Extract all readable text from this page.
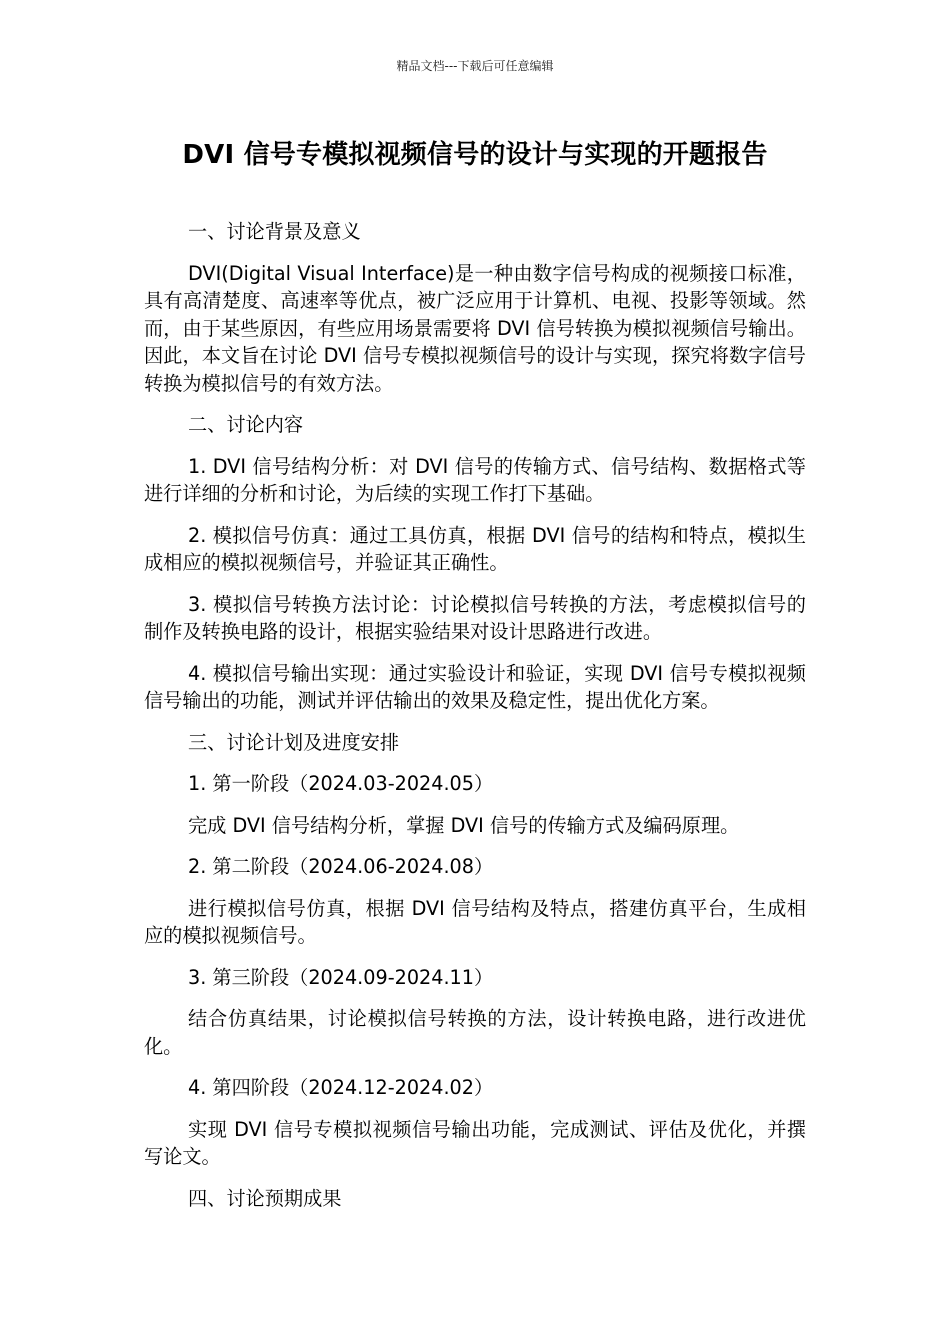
精品文档---下载后可任意编辑
DVI 信号专模拟视频信号的设计与实现的开题报告

一、讨论背景及意义

DVI(Digital Visual Interface)是一种由数字信号构成的视频接口标准，具有高清楚度、高速率等优点，被广泛应用于计算机、电视、投影等领域。然而，由于某些原因，有些应用场景需要将 DVI 信号转换为模拟视频信号输出。因此，本文旨在讨论 DVI 信号专模拟视频信号的设计与实现，探究将数字信号转换为模拟信号的有效方法。

二、讨论内容

1. DVI 信号结构分析：对 DVI 信号的传输方式、信号结构、数据格式等进行详细的分析和讨论，为后续的实现工作打下基础。

2. 模拟信号仿真：通过工具仿真，根据 DVI 信号的结构和特点，模拟生成相应的模拟视频信号，并验证其正确性。

3. 模拟信号转换方法讨论：讨论模拟信号转换的方法，考虑模拟信号的制作及转换电路的设计，根据实验结果对设计思路进行改进。

4. 模拟信号输出实现：通过实验设计和验证，实现 DVI 信号专模拟视频信号输出的功能，测试并评估输出的效果及稳定性，提出优化方案。

三、讨论计划及进度安排

1. 第一阶段（2024.03-2024.05）

完成 DVI 信号结构分析，掌握 DVI 信号的传输方式及编码原理。

2. 第二阶段（2024.06-2024.08）

进行模拟信号仿真，根据 DVI 信号结构及特点，搭建仿真平台，生成相应的模拟视频信号。

3. 第三阶段（2024.09-2024.11）

结合仿真结果，讨论模拟信号转换的方法，设计转换电路，进行改进优化。

4. 第四阶段（2024.12-2024.02）

实现 DVI 信号专模拟视频信号输出功能，完成测试、评估及优化，并撰写论文。

四、讨论预期成果
